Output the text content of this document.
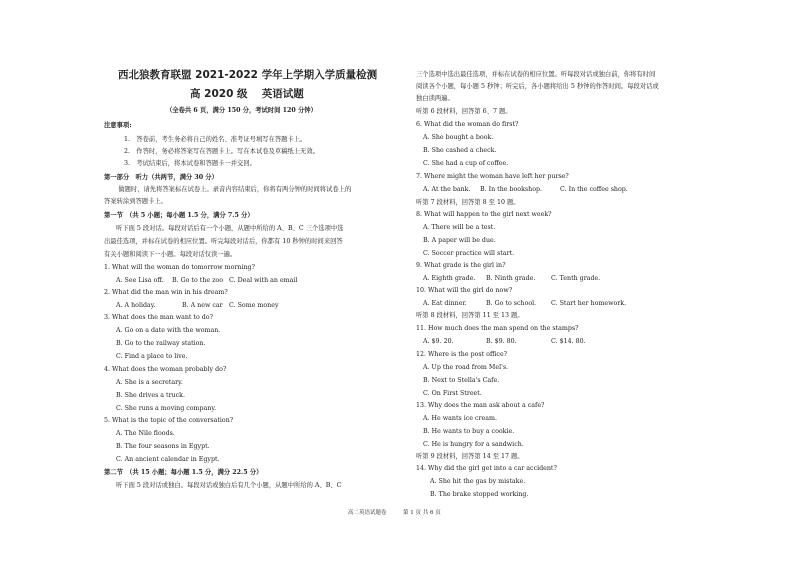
西北狼教育联盟 2021-2022 学年上学期入学质量检测
高 2020 级　 英语试题
（全卷共 6 页，满分 150 分，考试时间 120 分钟）
注意事项:
1.　答卷前，考生务必将自己的姓名、准考证号填写在答题卡上。
2.　作答时，务必将答案写在答题卡上。写在本试卷及草稿纸上无效。
3.　考试结束后，将本试卷和答题卡一并交回。
第一部分　听力（共两节，满分 30 分）
　做题时，请先将答案标在试卷上。录音内容结束后，你将有两分钟的时间将试卷上的
答案转涂到答题卡上。
第一节　（共 5 小题；每小题 1.5 分，满分 7.5 分）
听下面 5 段对话。每段对话后有一个小题，从题中所给的 A、B、C 三个选项中选
出最佳选项，并标在试卷的相应位置。听完每段对话后，你都有 10 秒钟的时间来回答
有关小题和阅读下一小题。每段对话仅读一遍。
1. What will the woman do tomorrow morning?
A. See Lisa off. B. Go to the zoo C. Deal with an email
2. What did the man win in his dream?
A. A holiday.	B. A new car C. Some money
3. What does the man want to do?
A. Go on a date with the woman.
B. Go to the railway station.
C. Find a place to live.
4. What does the woman probably do?
A. She is a secretary.
B. She drives a truck.
C. She runs a moving company.
5. What is the topic of the conversation?
A. The Nile floods.
B. The four seasons in Egypt.
C. An ancient calendar in Egypt.
第二节　（共 15 小题；每小题 1.5 分，满分 22.5 分）
听下面 5 段对话或独白。每段对话或独白后有几个小题，从题中所给的 A、B、C
三个选项中选出最佳选项，并标在试卷的相应位置。听每段对话或独白前，你将有时间
阅读各个小题，每小题 5 秒钟；听完后，各小题将给出 5 秒钟的作答时间。每段对话或
独白读两遍。
听第 6 段材料，回答第 6、7 题。
6. What did the woman do first?
A. She bought a book.
B. She cashed a check.
C. She had a cup of coffee.
7. Where might the woman have left her purse?
A. At the bank. B. In the bookshop.	C. In the coffee shop.
听第 7 段材料，回答第 8 至 10 题。
8. What will happen to the girl next week?
A. There will be a test.
B. A paper will be due.
C. Soccer practice will start.
9. What grade is the girl in?
A. Eighth grade. B. Ninth grade. C. Tenth grade.
10. What will the girl do now?
A. Eat dinner.	B. Go to school. C. Start her homework.
听第 8 段材料，回答第 11 至 13 题。
11. How much does the man spend on the stamps?
A. $9. 20.	B. $9. 80.	C. $14. 80.
12. Where is the post office?
A. Up the road from Mel's.
B. Next to Stella's Cafe.
C. On First Street.
13. Why does the man ask about a cafe?
A. He wants ice cream.
B. He wants to buy a cookie.
C. He is hungry for a sandwich.
听第 9 段材料，回答第 14 至 17 题。
14. Why did the girl get into a car accident?
A. She hit the gas by mistake.
B. The brake stopped working.
高二英语试题卷	第 1 页 共 6 页
